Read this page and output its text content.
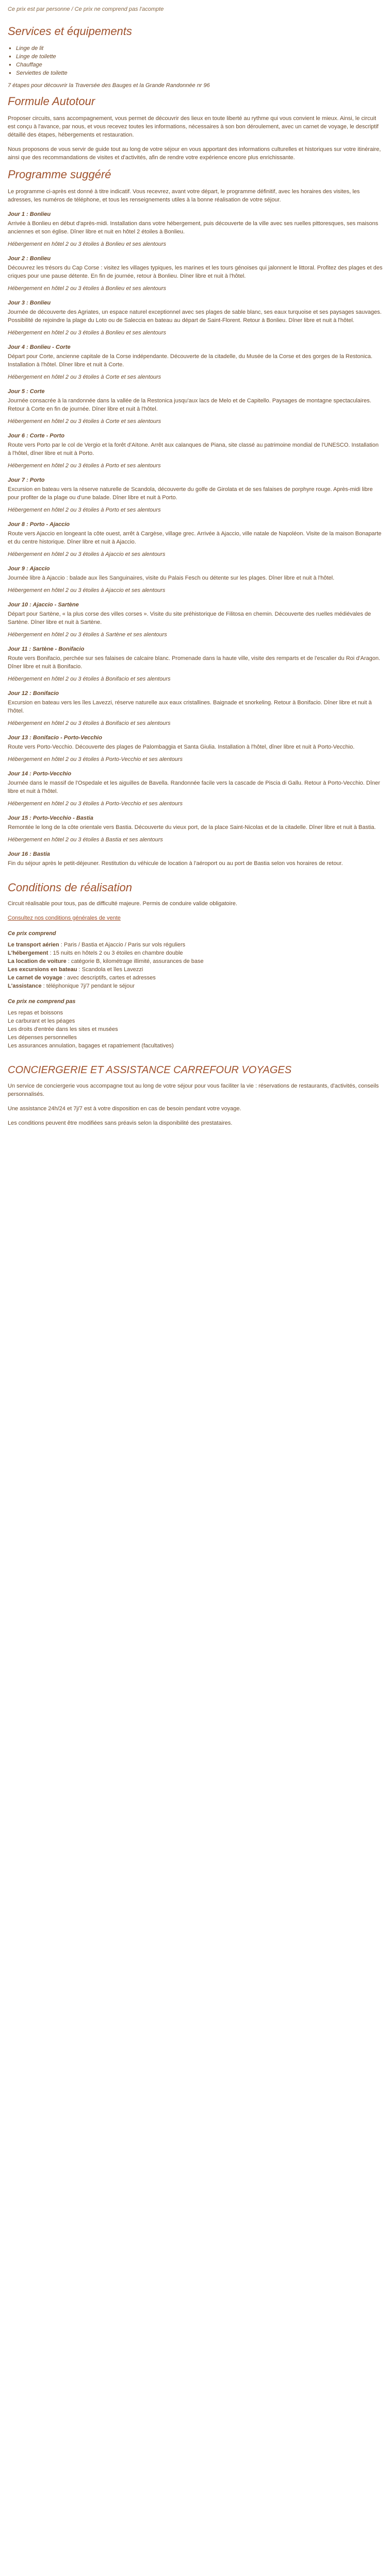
Ce prix est par personne / Ce prix ne comprend pas l'acompte
Services et équipements
● Linge de lit
● Linge de toilette
● Chauffage
● Serviettes de toilette

7 étapes pour découvrir la Traversée des Bauges et la Grande Randonnée nr 96

Formule Autotour

Proposer circuits, sans accompagnement, vous permet de découvrir des lieux en toute liberté au rythme qui vous convient le mieux. Ainsi, le circuit est conçu à l'avance, par nous, et vous recevez toutes les informations, nécessaires à son bon déroulement, avec un carnet de voyage, le descriptif détaillé des étapes, hébergements et restauration.

Nous proposons de vous servir de guide tout au long de votre séjour en vous apportant des informations culturelles et historiques sur votre itinéraire, ainsi que des recommandations de visites et d'activités, afin de rendre votre expérience encore plus enrichissante.

Programme suggéré

Le programme ci-après est donné à titre indicatif. Vous recevrez, avant votre départ, le programme définitif, avec les horaires des visites, les adresses, les numéros de téléphone, et tous les renseignements utiles à la bonne réalisation de votre séjour.

Jour 1 : Bonlieu

Arrivée à Bonlieu en début d'après-midi. Installation dans votre hébergement, puis découverte de la ville avec ses ruelles pittoresques, ses maisons anciennes et son église. Dîner libre et nuit en hôtel 2 étoiles à Bonlieu.

Hébergement en hôtel 2 ou 3 étoiles à Bonlieu et ses alentours

Jour 2 : Bonlieu

Découvrez les trésors du Cap Corse : visitez les villages typiques, les marines et les tours génoises qui jalonnent le littoral. Profitez des plages et des criques pour une pause détente. En fin de journée, retour à Bonlieu. Dîner libre et nuit à l'hôtel.

Hébergement en hôtel 2 ou 3 étoiles à Bonlieu et ses alentours

Jour 3 : Bonlieu

Journée de découverte des Agriates, un espace naturel exceptionnel avec ses plages de sable blanc, ses eaux turquoise et ses paysages sauvages. Possibilité de rejoindre la plage du Loto ou de Saleccia en bateau au départ de Saint-Florent. Retour à Bonlieu. Dîner libre et nuit à l'hôtel.

Hébergement en hôtel 2 ou 3 étoiles à Bonlieu et ses alentours

Jour 4 : Bonlieu - Corte

Départ pour Corte, ancienne capitale de la Corse indépendante. Découverte de la citadelle, du Musée de la Corse et des gorges de la Restonica. Installation à l'hôtel. Dîner libre et nuit à Corte.

Hébergement en hôtel 2 ou 3 étoiles à Corte et ses alentours

Jour 5 : Corte

Journée consacrée à la randonnée dans la vallée de la Restonica jusqu'aux lacs de Melo et de Capitello. Paysages de montagne spectaculaires. Retour à Corte en fin de journée. Dîner libre et nuit à l'hôtel.

Hébergement en hôtel 2 ou 3 étoiles à Corte et ses alentours

Jour 6 : Corte - Porto

Route vers Porto par le col de Vergio et la forêt d'Aïtone. Arrêt aux calanques de Piana, site classé au patrimoine mondial de l'UNESCO. Installation à l'hôtel, dîner libre et nuit à Porto.

Hébergement en hôtel 2 ou 3 étoiles à Porto et ses alentours

Jour 7 : Porto

Excursion en bateau vers la réserve naturelle de Scandola, découverte du golfe de Girolata et de ses falaises de porphyre rouge. Après-midi libre pour profiter de la plage ou d'une balade. Dîner libre et nuit à Porto.

Hébergement en hôtel 2 ou 3 étoiles à Porto et ses alentours

Jour 8 : Porto - Ajaccio

Route vers Ajaccio en longeant la côte ouest, arrêt à Cargèse, village grec. Arrivée à Ajaccio, ville natale de Napoléon. Visite de la maison Bonaparte et du centre historique. Dîner libre et nuit à Ajaccio.

Hébergement en hôtel 2 ou 3 étoiles à Ajaccio et ses alentours

Jour 9 : Ajaccio

Journée libre à Ajaccio : balade aux îles Sanguinaires, visite du Palais Fesch ou détente sur les plages. Dîner libre et nuit à l'hôtel.

Hébergement en hôtel 2 ou 3 étoiles à Ajaccio et ses alentours

Jour 10 : Ajaccio - Sartène

Départ pour Sartène, « la plus corse des villes corses ». Visite du site préhistorique de Filitosa en chemin. Découverte des ruelles médiévales de Sartène. Dîner libre et nuit à Sartène.

Hébergement en hôtel 2 ou 3 étoiles à Sartène et ses alentours

Jour 11 : Sartène - Bonifacio

Route vers Bonifacio, perchée sur ses falaises de calcaire blanc. Promenade dans la haute ville, visite des remparts et de l'escalier du Roi d'Aragon. Dîner libre et nuit à Bonifacio.

Hébergement en hôtel 2 ou 3 étoiles à Bonifacio et ses alentours

Jour 12 : Bonifacio

Excursion en bateau vers les îles Lavezzi, réserve naturelle aux eaux cristallines. Baignade et snorkeling. Retour à Bonifacio. Dîner libre et nuit à l'hôtel.

Hébergement en hôtel 2 ou 3 étoiles à Bonifacio et ses alentours

Jour 13 : Bonifacio - Porto-Vecchio

Route vers Porto-Vecchio. Découverte des plages de Palombaggia et Santa Giulia. Installation à l'hôtel, dîner libre et nuit à Porto-Vecchio.

Hébergement en hôtel 2 ou 3 étoiles à Porto-Vecchio et ses alentours

Jour 14 : Porto-Vecchio

Journée dans le massif de l'Ospedale et les aiguilles de Bavella. Randonnée facile vers la cascade de Piscia di Gallu. Retour à Porto-Vecchio. Dîner libre et nuit à l'hôtel.

Hébergement en hôtel 2 ou 3 étoiles à Porto-Vecchio et ses alentours

Jour 15 : Porto-Vecchio - Bastia

Remontée le long de la côte orientale vers Bastia. Découverte du vieux port, de la place Saint-Nicolas et de la citadelle. Dîner libre et nuit à Bastia.

Hébergement en hôtel 2 ou 3 étoiles à Bastia et ses alentours

Jour 16 : Bastia

Fin du séjour après le petit-déjeuner. Restitution du véhicule de location à l'aéroport ou au port de Bastia selon vos horaires de retour.

Conditions de réalisation

Circuit réalisable pour tous, pas de difficulté majeure. Permis de conduire valide obligatoire.

Consultez nos conditions générales de vente

Ce prix comprend
Le transport aérien : Paris / Bastia et Ajaccio / Paris sur vols réguliers
L'hébergement : 15 nuits en hôtels 2 ou 3 étoiles en chambre double
La location de voiture : catégorie B, kilométrage illimité, assurances de base
Les excursions en bateau : Scandola et îles Lavezzi
Le carnet de voyage : avec descriptifs, cartes et adresses
L'assistance : téléphonique 7j/7 pendant le séjour
Ce prix ne comprend pas
Les repas et boissons
Le carburant et les péages
Les droits d'entrée dans les sites et musées
Les dépenses personnelles
Les assurances annulation, bagages et rapatriement (facultatives)
CONCIERGERIE ET ASSISTANCE CARREFOUR VOYAGES

Un service de conciergerie vous accompagne tout au long de votre séjour pour vous faciliter la vie : réservations de restaurants, d'activités, conseils personnalisés.

Une assistance 24h/24 et 7j/7 est à votre disposition en cas de besoin pendant votre voyage.

Les conditions peuvent être modifiées sans préavis selon la disponibilité des prestataires.
